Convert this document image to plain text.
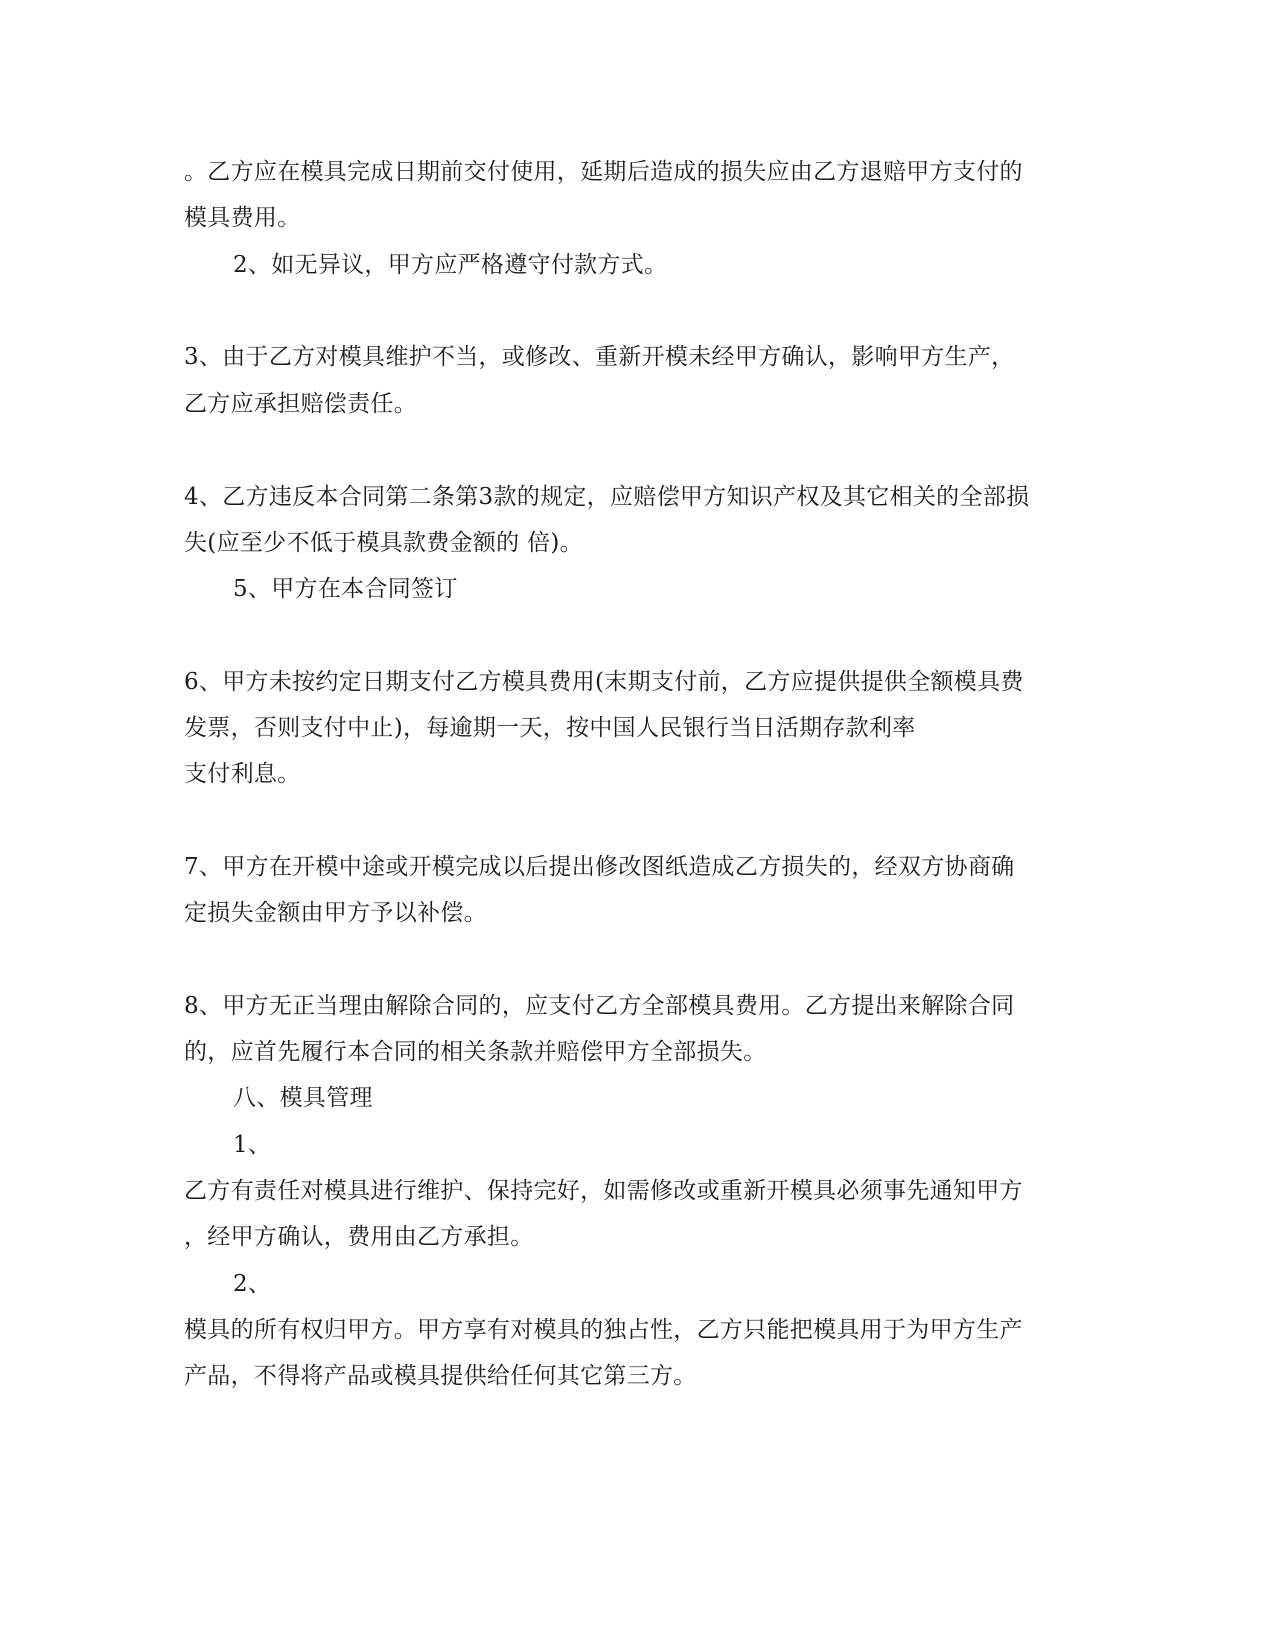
。乙方应在模具完成日期前交付使用，延期后造成的损失应由乙方退赔甲方支付的
模具费用。
2、如无异议，甲方应严格遵守付款方式。
3、由于乙方对模具维护不当，或修改、重新开模未经甲方确认，影响甲方生产，
乙方应承担赔偿责任。
4、乙方违反本合同第二条第3款的规定，应赔偿甲方知识产权及其它相关的全部损
失(应至少不低于模具款费金额的 倍)。
5、甲方在本合同签订
6、甲方未按约定日期支付乙方模具费用(末期支付前，乙方应提供提供全额模具费
发票，否则支付中止)，每逾期一天，按中国人民银行当日活期存款利率
支付利息。
7、甲方在开模中途或开模完成以后提出修改图纸造成乙方损失的，经双方协商确
定损失金额由甲方予以补偿。
8、甲方无正当理由解除合同的，应支付乙方全部模具费用。乙方提出来解除合同
的，应首先履行本合同的相关条款并赔偿甲方全部损失。
八、模具管理
1、
乙方有责任对模具进行维护、保持完好，如需修改或重新开模具必须事先通知甲方
，经甲方确认，费用由乙方承担。
2、
模具的所有权归甲方。甲方享有对模具的独占性，乙方只能把模具用于为甲方生产
产品，不得将产品或模具提供给任何其它第三方。
